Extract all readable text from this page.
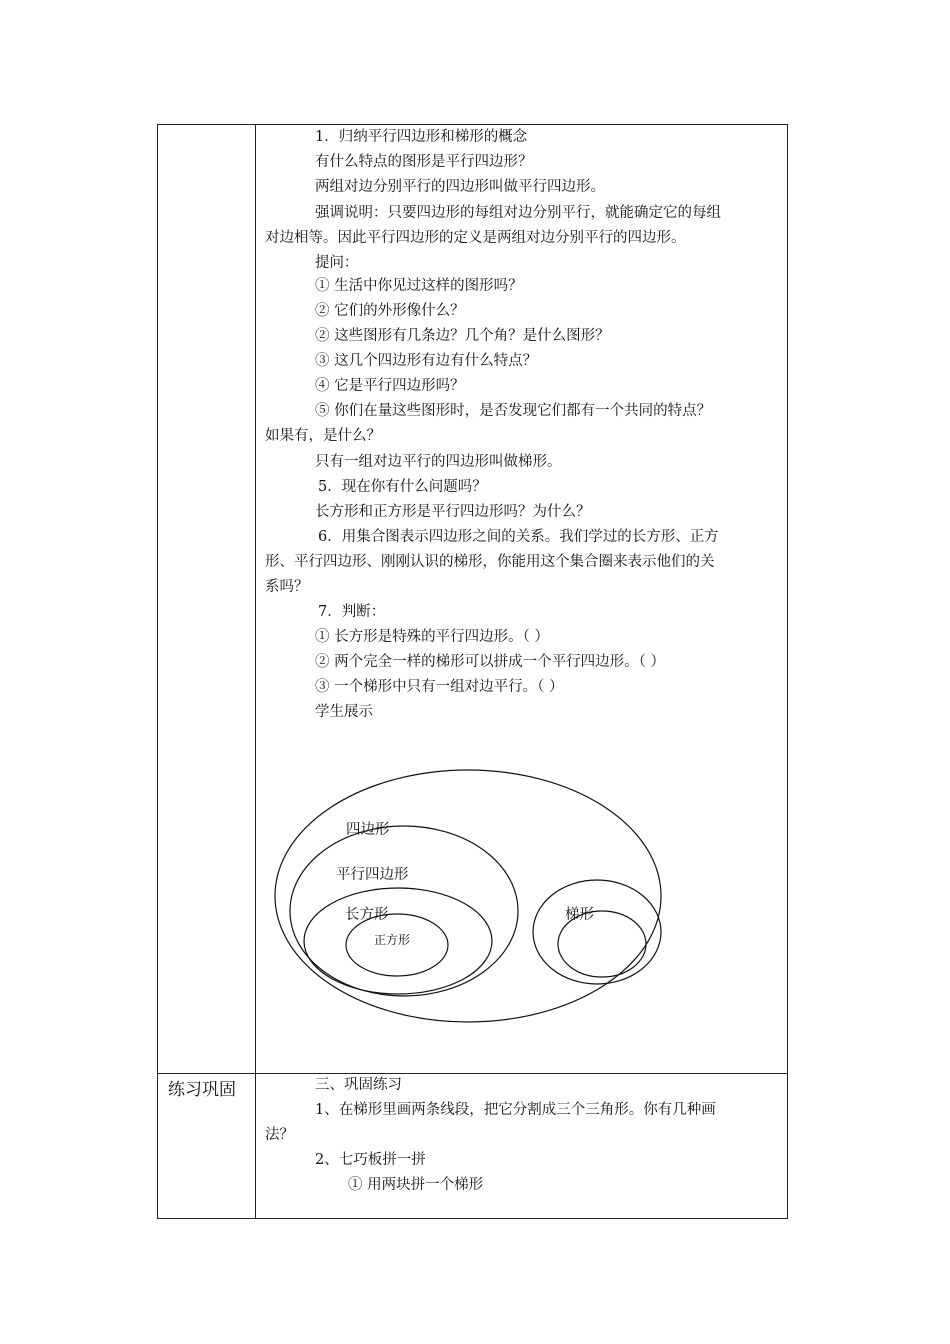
1．归纳平行四边形和梯形的概念
有什么特点的图形是平行四边形？
两组对边分别平行的四边形叫做平行四边形。
强调说明：只要四边形的每组对边分别平行，就能确定它的每组
对边相等。因此平行四边形的定义是两组对边分别平行的四边形。
提问：
① 生活中你见过这样的图形吗？
② 它们的外形像什么？
② 这些图形有几条边？几个角？是什么图形？
③ 这几个四边形有边有什么特点？
④ 它是平行四边形吗？
⑤ 你们在量这些图形时，是否发现它们都有一个共同的特点？
如果有，是什么？
只有一组对边平行的四边形叫做梯形。
5．现在你有什么问题吗？
长方形和正方形是平行四边形吗？为什么？
6．用集合图表示四边形之间的关系。我们学过的长方形、正方
形、平行四边形、刚刚认识的梯形，你能用这个集合圈来表示他们的关
系吗？
7．判断：
① 长方形是特殊的平行四边形。（ ）
② 两个完全一样的梯形可以拼成一个平行四边形。（ ）
③ 一个梯形中只有一组对边平行。（ ）
学生展示
四边形
平行四边形
长方形
正方形
梯形
练习巩固	三、巩固练习
1、在梯形里画两条线段，把它分割成三个三角形。你有几种画
法？
2、七巧板拼一拼
① 用两块拼一个梯形
